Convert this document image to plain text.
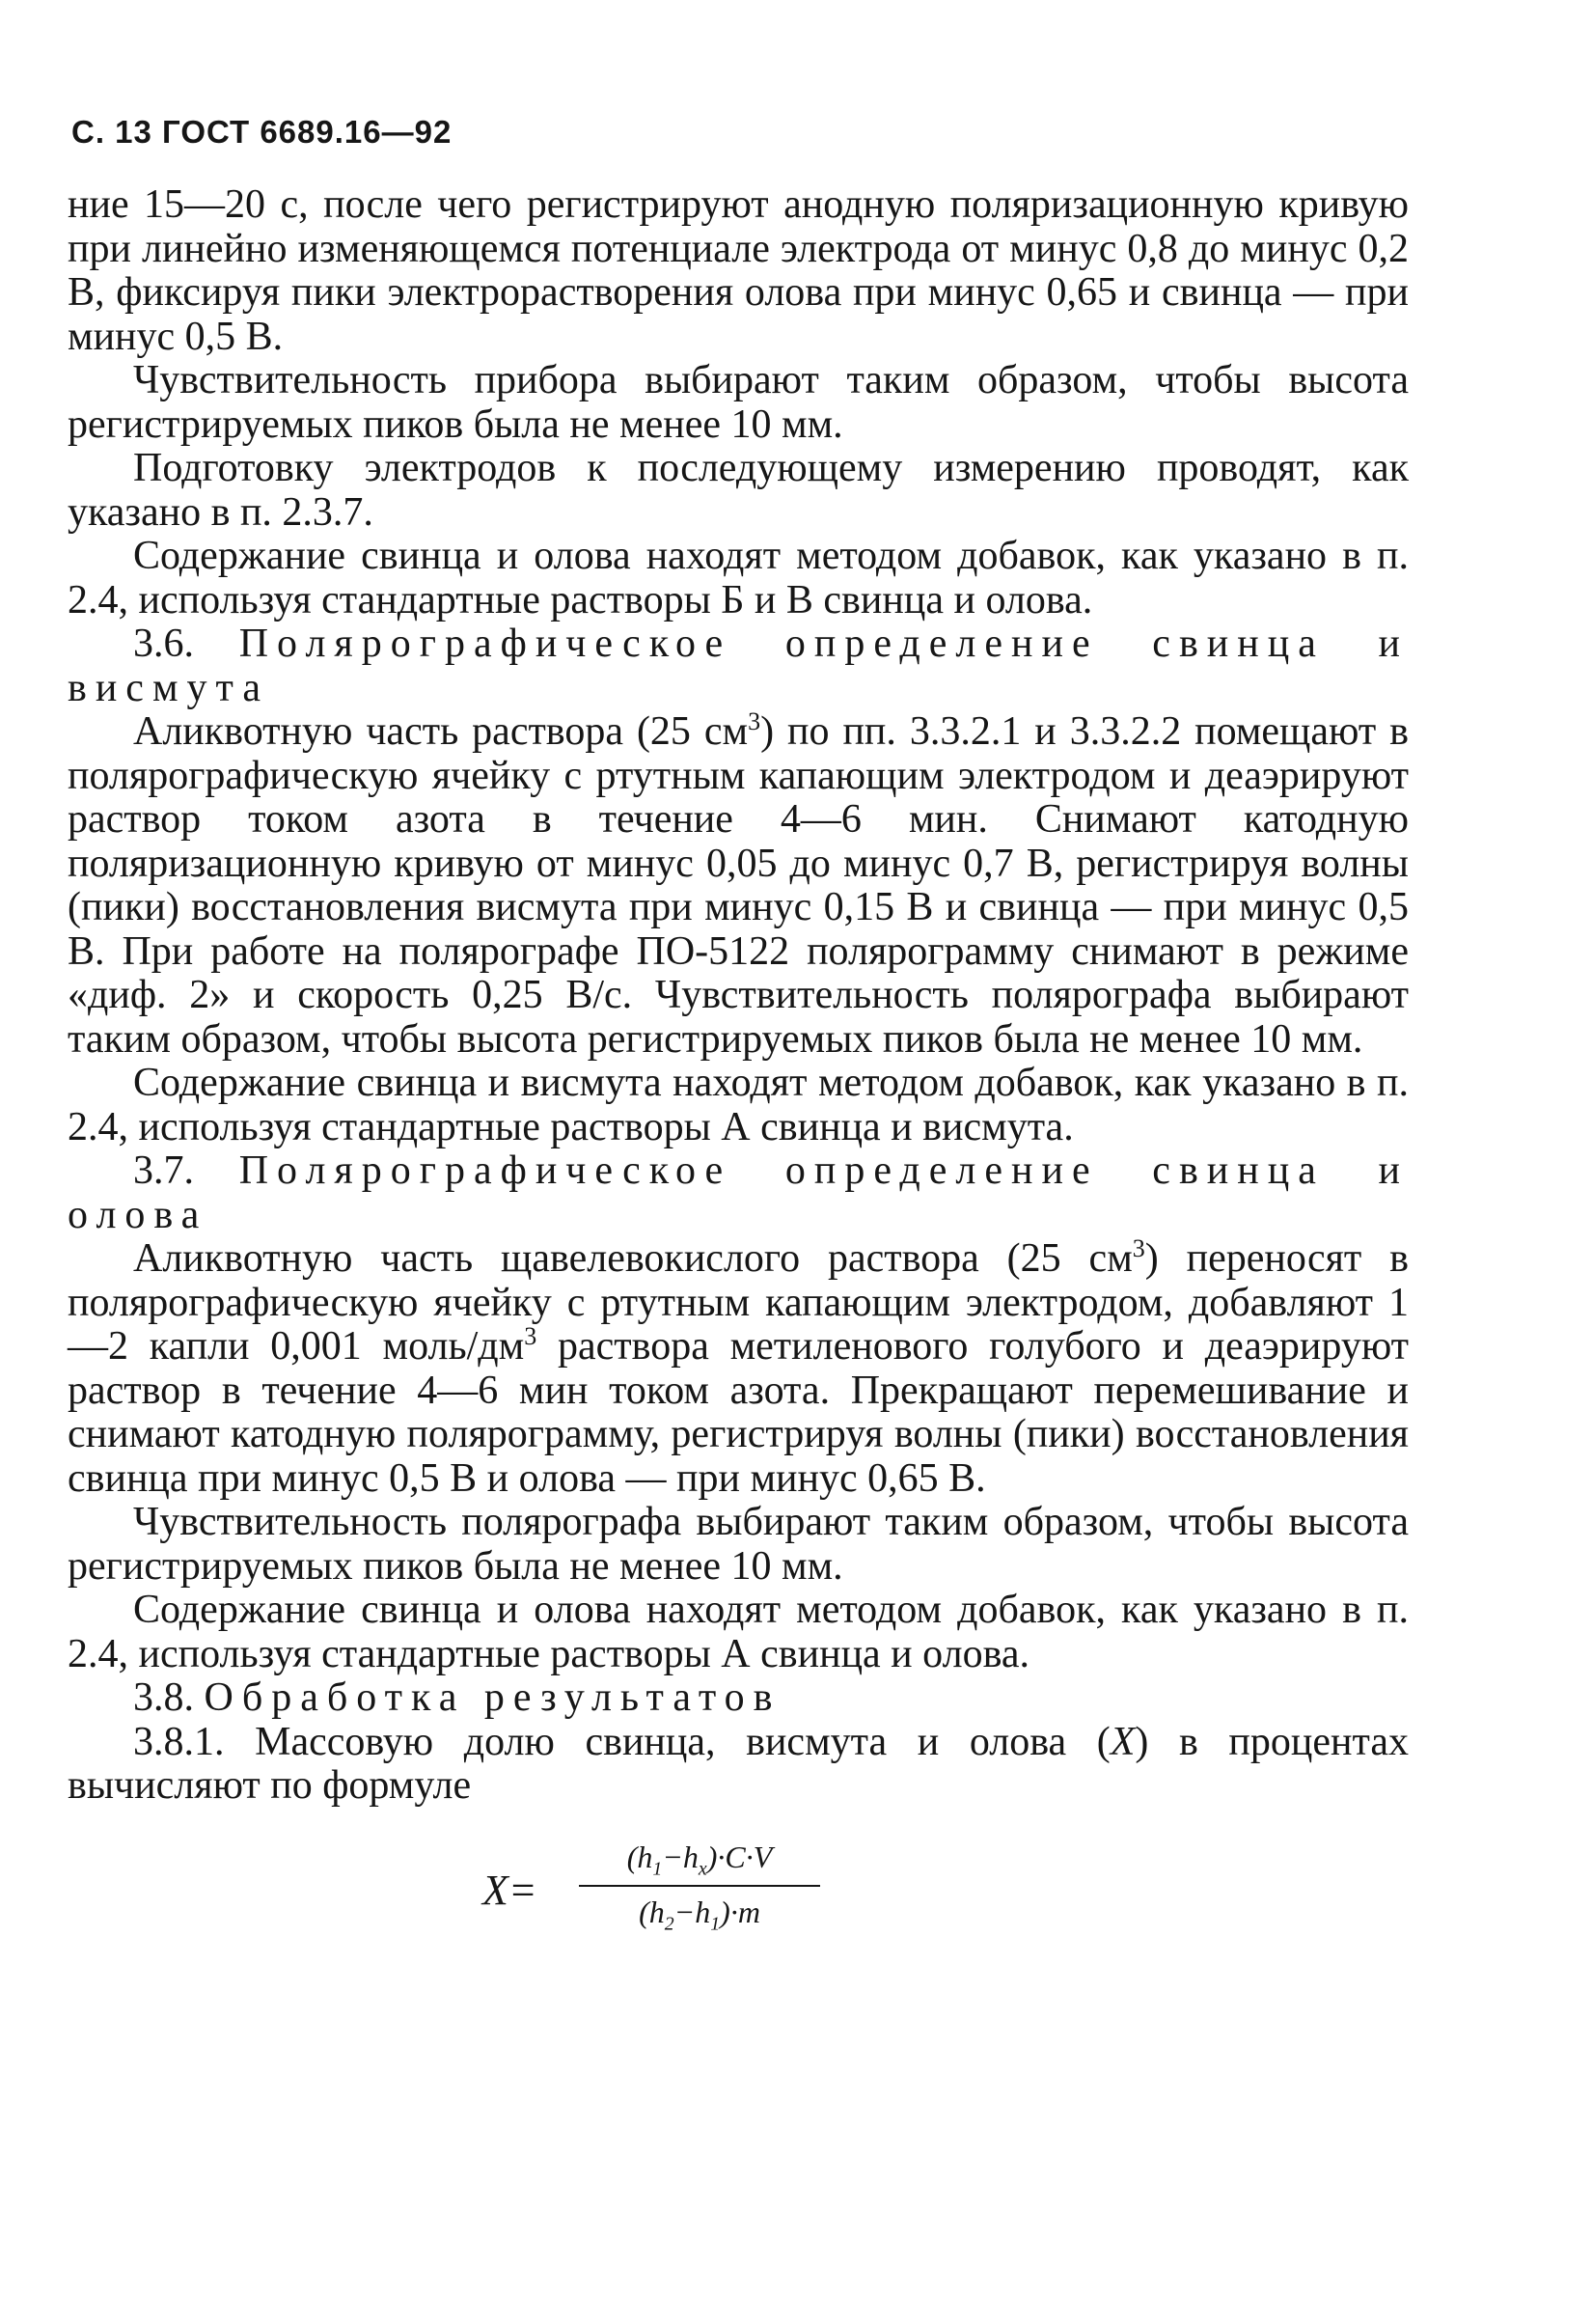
С. 13 ГОСТ 6689.16—92

ние 15—20 с, после чего регистрируют анодную поляризационную кривую при линейно изменяющемся потенциале электрода от минус 0,8 до минус 0,2 В, фиксируя пики электрорастворения олова при минус 0,65 и свинца — при минус 0,5 В.

Чувствительность прибора выбирают таким образом, чтобы высота регистрируемых пиков была не менее 10 мм.

Подготовку электродов к последующему измерению проводят, как указано в п. 2.3.7.

Содержание свинца и олова находят методом добавок, как указано в п. 2.4, используя стандартные растворы Б и В свинца и олова.

3.6. Полярографическое определение свинца и висмута

Аликвотную часть раствора (25 $см^3$) по пп. 3.3.2.1 и 3.3.2.2 помещают в полярографическую ячейку с ртутным капающим электродом и деаэрируют раствор током азота в течение 4—6 мин. Снимают катодную поляризационную кривую от минус 0,05 до минус 0,7 В, регистрируя волны (пики) восстановления висмута при минус 0,15 В и свинца — при минус 0,5 В. При работе на полярографе ПО-5122 полярограмму снимают в режиме «диф. 2» и скорость 0,25 В/с. Чувствительность полярографа выбирают таким образом, чтобы высота регистрируемых пиков была не менее 10 мм.

Содержание свинца и висмута находят методом добавок, как указано в п. 2.4, используя стандартные растворы А свинца и висмута.

3.7. Полярографическое определение свинца и олова

Аликвотную часть щавелевокислого раствора (25 $см^3$) переносят в полярографическую ячейку с ртутным капающим электродом, добавляют 1—2 капли 0,001 моль/$дм^3$ раствора метиленового голубого и деаэрируют раствор в течение 4—6 мин током азота. Прекращают перемешивание и снимают катодную полярограмму, регистрируя волны (пики) восстановления свинца при минус 0,5 В и олова — при минус 0,65 В.

Чувствительность полярографа выбирают таким образом, чтобы высота регистрируемых пиков была не менее 10 мм.

Содержание свинца и олова находят методом добавок, как указано в п. 2.4, используя стандартные растворы А свинца и олова.

3.8. Обработка результатов

3.8.1. Массовую долю свинца, висмута и олова (X) в процентах вычисляют по формуле

$X= \frac{(h_1-h_x)\cdot C\cdot V}{(h_2-h_1)\cdot m}$
